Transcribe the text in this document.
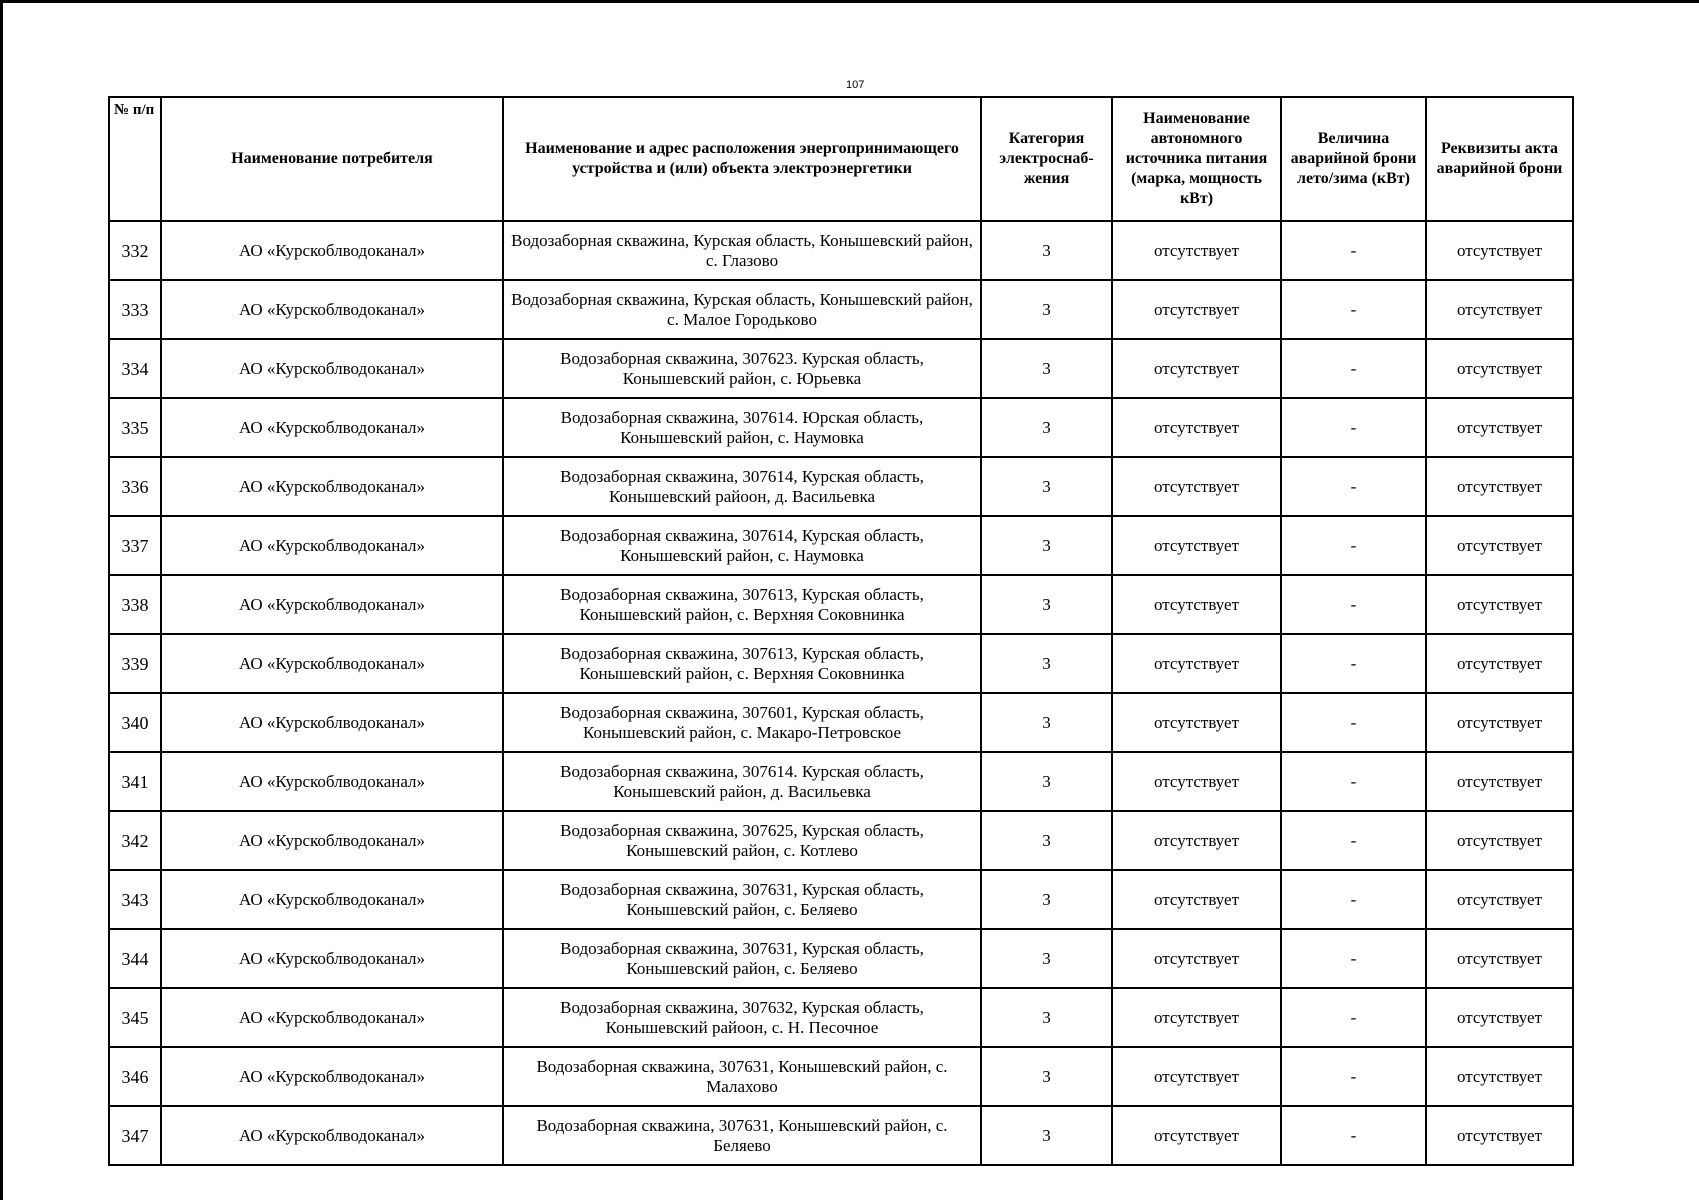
107
№ п/п	Наименование потребителя	Наименование и адрес расположения энергопринимающего устройства и (или) объекта электроэнергетики	Категория электроснаб-жения	Наименование автономного источника питания (марка, мощность кВт)	Величина аварийной брони лето/зима (кВт)	Реквизиты акта аварийной брони
332	АО «Курскоблводоканал»	Водозаборная скважина, Курская область, Конышевский район, с. Глазово	3	отсутствует	-	отсутствует
333	АО «Курскоблводоканал»	Водозаборная скважина, Курская область, Конышевский район, с. Малое Городьково	3	отсутствует	-	отсутствует
334	АО «Курскоблводоканал»	Водозаборная скважина, 307623. Курская область, Конышевский район, с. Юрьевка	3	отсутствует	-	отсутствует
335	АО «Курскоблводоканал»	Водозаборная скважина, 307614. Юрская область, Конышевский район, с. Наумовка	3	отсутствует	-	отсутствует
336	АО «Курскоблводоканал»	Водозаборная скважина, 307614, Курская область, Конышевский райоон, д. Васильевка	3	отсутствует	-	отсутствует
337	АО «Курскоблводоканал»	Водозаборная скважина, 307614, Курская область, Конышевский район, с. Наумовка	3	отсутствует	-	отсутствует
338	АО «Курскоблводоканал»	Водозаборная скважина, 307613, Курская область, Конышевский район, с. Верхняя Соковнинка	3	отсутствует	-	отсутствует
339	АО «Курскоблводоканал»	Водозаборная скважина, 307613, Курская область, Конышевский район, с. Верхняя Соковнинка	3	отсутствует	-	отсутствует
340	АО «Курскоблводоканал»	Водозаборная скважина, 307601, Курская область, Конышевский район, с. Макаро-Петровское	3	отсутствует	-	отсутствует
341	АО «Курскоблводоканал»	Водозаборная скважина, 307614. Курская область, Конышевский район, д. Васильевка	3	отсутствует	-	отсутствует
342	АО «Курскоблводоканал»	Водозаборная скважина, 307625, Курская область, Конышевский район, с. Котлево	3	отсутствует	-	отсутствует
343	АО «Курскоблводоканал»	Водозаборная скважина, 307631, Курская область, Конышевский район, с. Беляево	3	отсутствует	-	отсутствует
344	АО «Курскоблводоканал»	Водозаборная скважина, 307631, Курская область, Конышевский район, с. Беляево	3	отсутствует	-	отсутствует
345	АО «Курскоблводоканал»	Водозаборная скважина, 307632, Курская область, Конышевский райоон, с. Н. Песочное	3	отсутствует	-	отсутствует
346	АО «Курскоблводоканал»	Водозаборная скважина, 307631, Конышевский район, с. Малахово	3	отсутствует	-	отсутствует
347	АО «Курскоблводоканал»	Водозаборная скважина, 307631, Конышевский район, с. Беляево	3	отсутствует	-	отсутствует
